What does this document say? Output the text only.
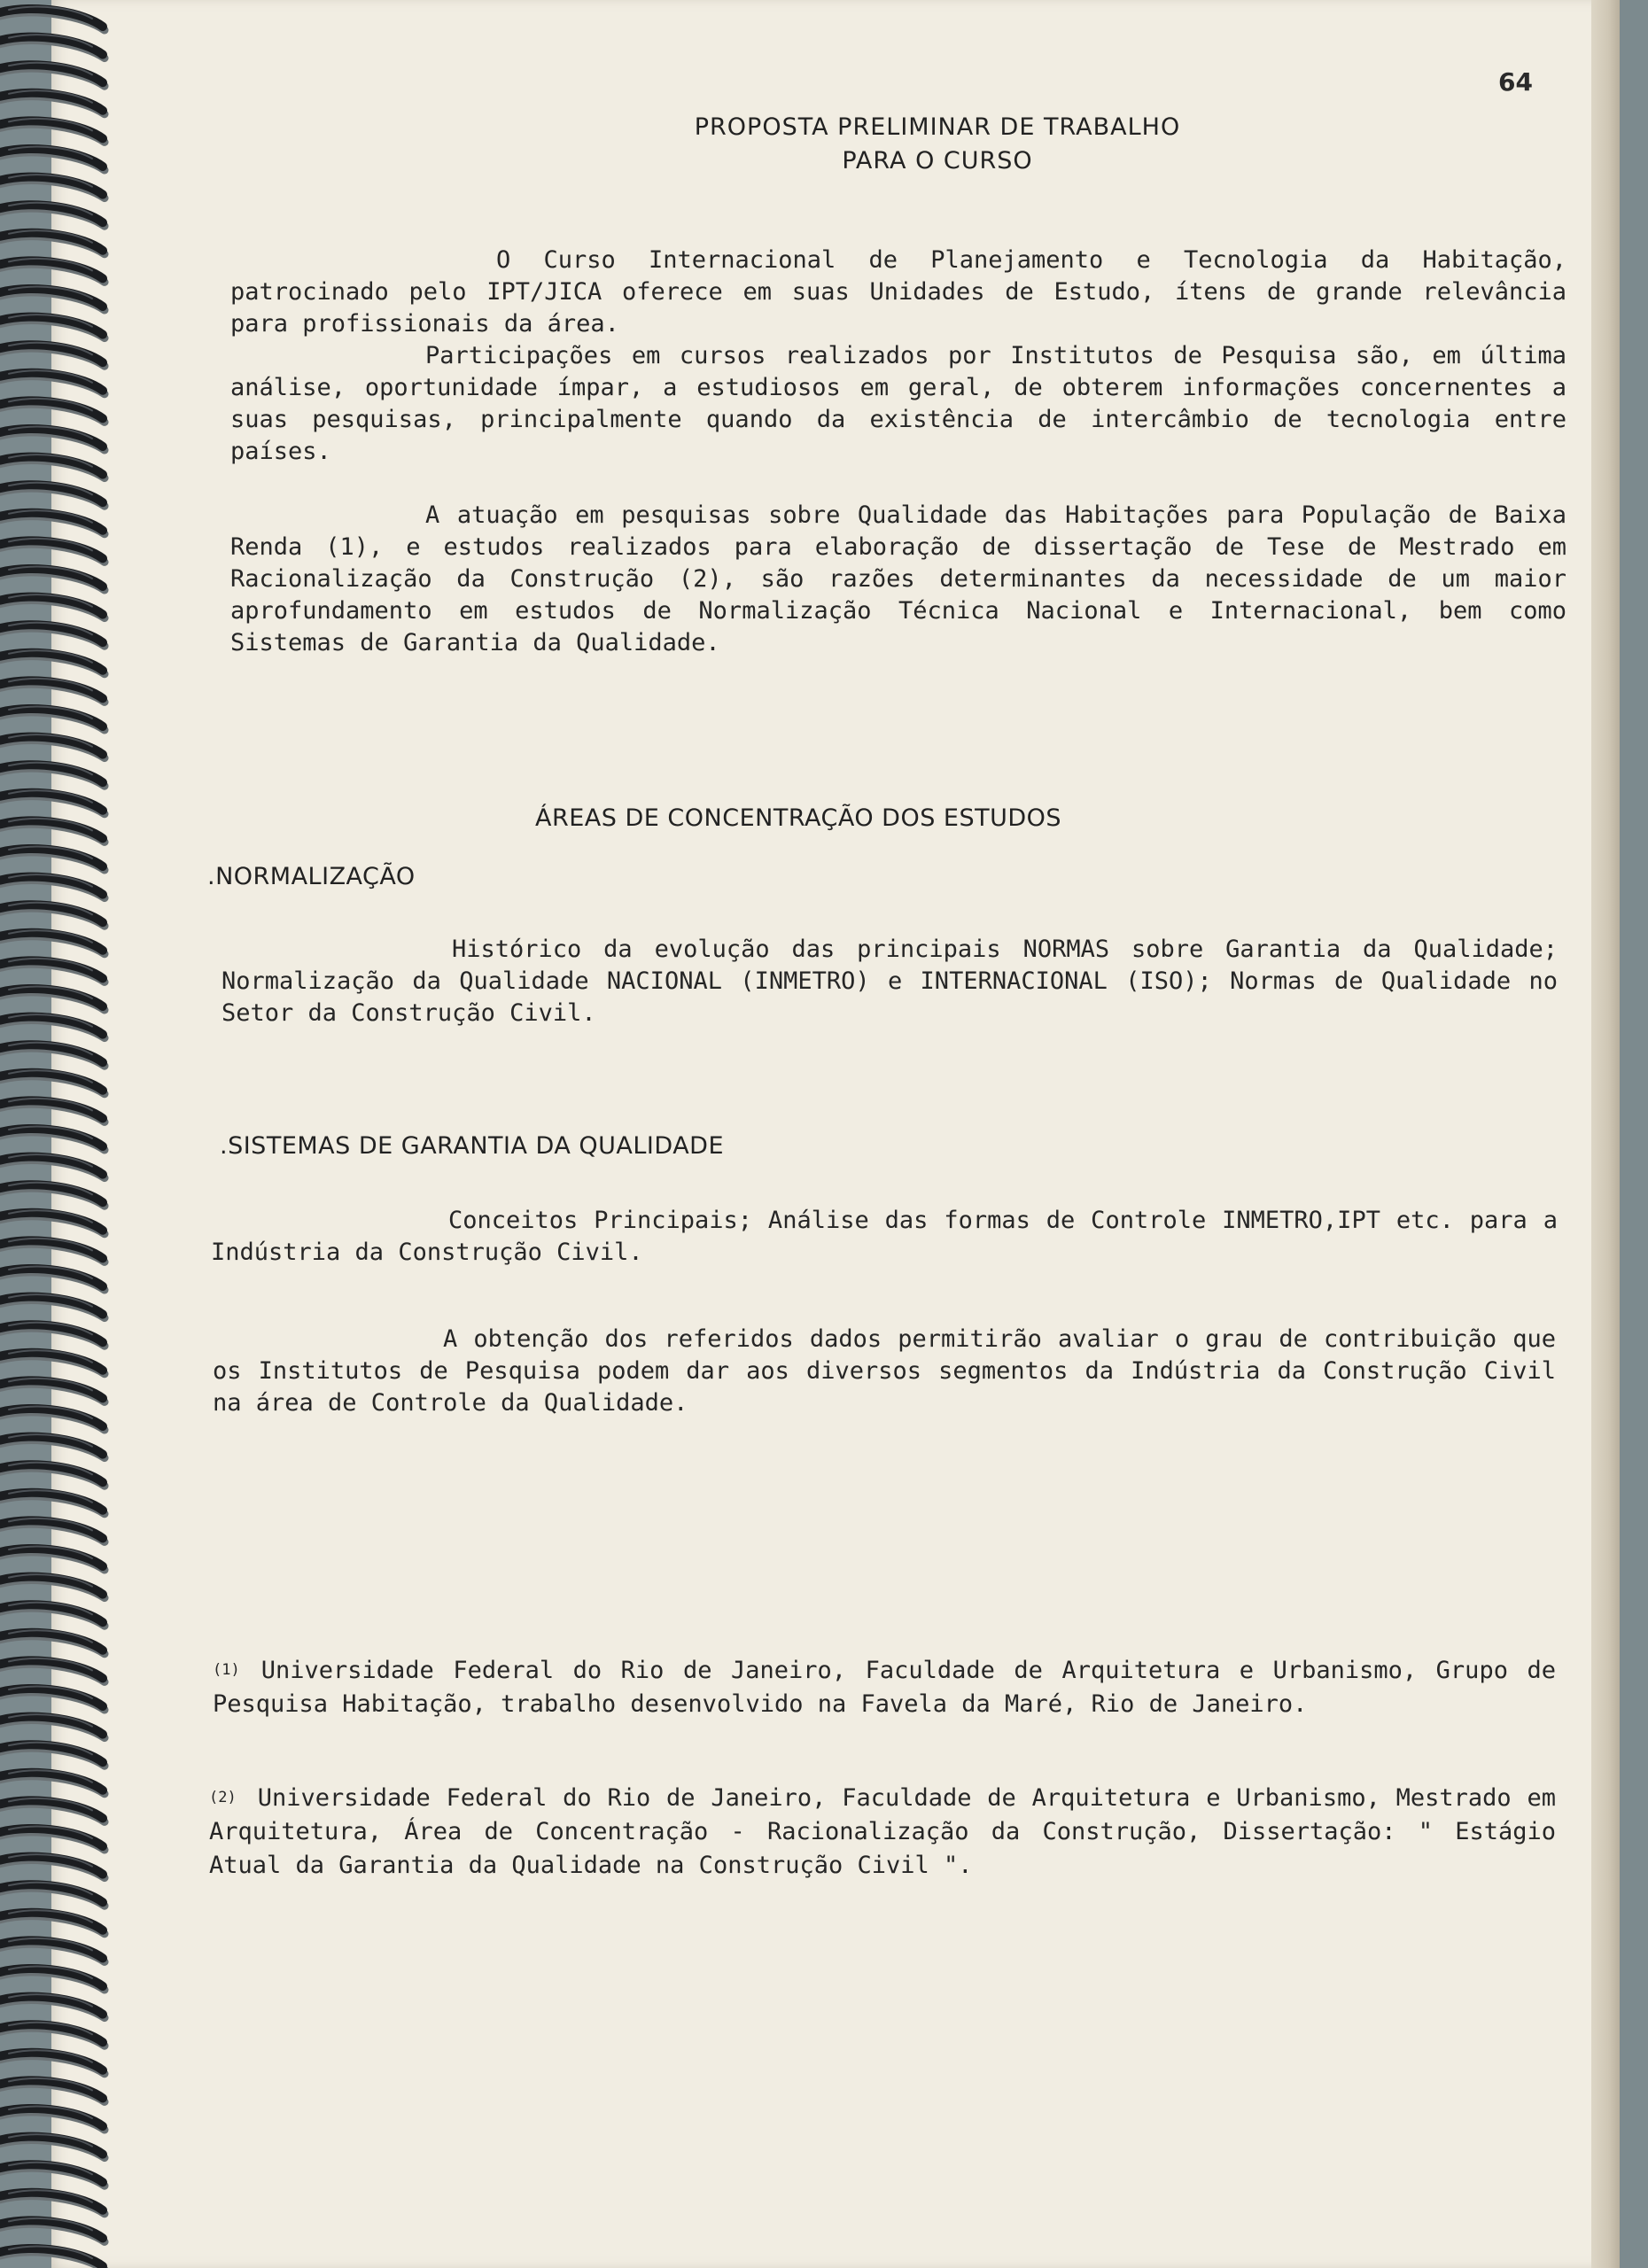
64
PROPOSTA PRELIMINAR DE TRABALHO
PARA O CURSO

O Curso Internacional de Planejamento e Tecnologia da Habitação, patrocinado pelo IPT/JICA oferece em suas Unidades de Estudo, ítens de grande relevância para profissionais da área.

Participações em cursos realizados por Institutos de Pesquisa são, em última análise, oportunidade ímpar, a estudiosos em geral, de obterem informações concernentes a suas pesquisas, principalmente quando da existência de intercâmbio de tecnologia entre países.

A atuação em pesquisas sobre Qualidade das Habitações para População de Baixa Renda (1), e estudos realizados para elaboração de dissertação de Tese de Mestrado em Racionalização da Construção (2), são razões determinantes da necessidade de um maior aprofundamento em estudos de Normalização Técnica Nacional e Internacional, bem como Sistemas de Garantia da Qualidade.

ÁREAS DE CONCENTRAÇÃO DOS ESTUDOS
.NORMALIZAÇÃO

Histórico da evolução das principais NORMAS sobre Garantia da Qualidade; Normalização da Qualidade NACIONAL (INMETRO) e INTERNACIONAL (ISO); Normas de Qualidade no Setor da Construção Civil.

.SISTEMAS DE GARANTIA DA QUALIDADE

Conceitos Principais; Análise das formas de Controle INMETRO,IPT etc. para a Indústria da Construção Civil.

A obtenção dos referidos dados permitirão avaliar o grau de contribuição que os Institutos de Pesquisa podem dar aos diversos segmentos da Indústria da Construção Civil na área de Controle da Qualidade.

(1) Universidade Federal do Rio de Janeiro, Faculdade de Arquitetura e Urbanismo, Grupo de Pesquisa Habitação, trabalho desenvolvido na Favela da Maré, Rio de Janeiro.

(2) Universidade Federal do Rio de Janeiro, Faculdade de Arquitetura e Urbanismo, Mestrado em Arquitetura, Área de Concentração - Racionalização da Construção, Dissertação: " Estágio Atual da Garantia da Qualidade na Construção Civil ".
